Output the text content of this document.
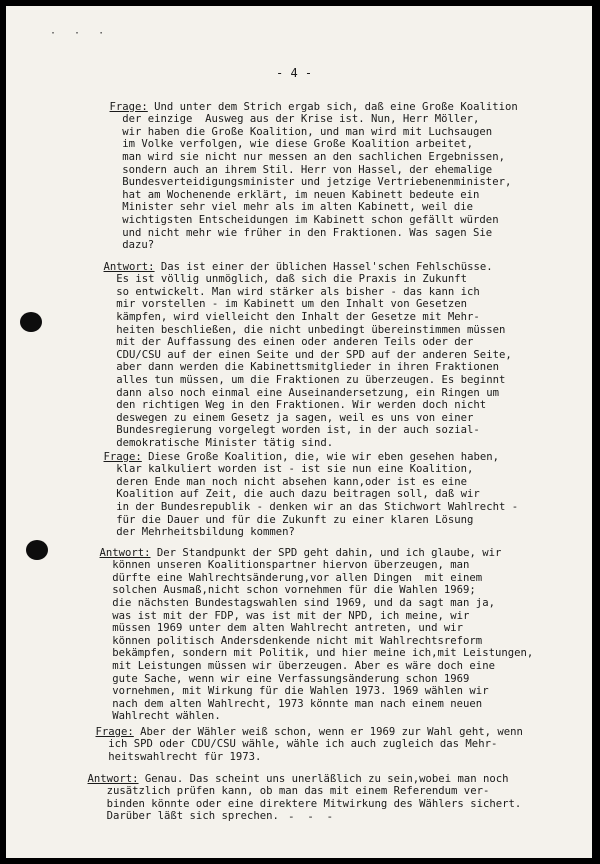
· · ·
- 4 -

Frage: Und unter dem Strich ergab sich, daß eine Große Koalition
der einzige  Ausweg aus der Krise ist. Nun, Herr Möller,
wir haben die Große Koalition, und man wird mit Luchsaugen
im Volke verfolgen, wie diese Große Koalition arbeitet,
man wird sie nicht nur messen an den sachlichen Ergebnissen,
sondern auch an ihrem Stil. Herr von Hassel, der ehemalige
Bundesverteidigungsminister und jetzige Vertriebenenminister,
hat am Wochenende erklärt, im neuen Kabinett bedeute ein
Minister sehr viel mehr als im alten Kabinett, weil die
wichtigsten Entscheidungen im Kabinett schon gefällt würden
und nicht mehr wie früher in den Fraktionen. Was sagen Sie
dazu?

Antwort: Das ist einer der üblichen Hassel'schen Fehlschüsse.
Es ist völlig unmöglich, daß sich die Praxis in Zukunft
so entwickelt. Man wird stärker als bisher - das kann ich
mir vorstellen - im Kabinett um den Inhalt von Gesetzen
kämpfen, wird vielleicht den Inhalt der Gesetze mit Mehr-
heiten beschließen, die nicht unbedingt übereinstimmen müssen
mit der Auffassung des einen oder anderen Teils oder der
CDU/CSU auf der einen Seite und der SPD auf der anderen Seite,
aber dann werden die Kabinettsmitglieder in ihren Fraktionen
alles tun müssen, um die Fraktionen zu überzeugen. Es beginnt
dann also noch einmal eine Auseinandersetzung, ein Ringen um
den richtigen Weg in den Fraktionen. Wir werden doch nicht
deswegen zu einem Gesetz ja sagen, weil es uns von einer
Bundesregierung vorgelegt worden ist, in der auch sozial-
demokratische Minister tätig sind.

Frage: Diese Große Koalition, die, wie wir eben gesehen haben,
klar kalkuliert worden ist - ist sie nun eine Koalition,
deren Ende man noch nicht absehen kann,oder ist es eine
Koalition auf Zeit, die auch dazu beitragen soll, daß wir
in der Bundesrepublik - denken wir an das Stichwort Wahlrecht -
für die Dauer und für die Zukunft zu einer klaren Lösung
der Mehrheitsbildung kommen?

Antwort: Der Standpunkt der SPD geht dahin, und ich glaube, wir
können unseren Koalitionspartner hiervon überzeugen, man
dürfte eine Wahlrechtsänderung,vor allen Dingen  mit einem
solchen Ausmaß,nicht schon vornehmen für die Wahlen 1969;
die nächsten Bundestagswahlen sind 1969, und da sagt man ja,
was ist mit der FDP, was ist mit der NPD, ich meine, wir
müssen 1969 unter dem alten Wahlrecht antreten, und wir
können politisch Andersdenkende nicht mit Wahlrechtsreform
bekämpfen, sondern mit Politik, und hier meine ich,mit Leistungen,
mit Leistungen müssen wir überzeugen. Aber es wäre doch eine
gute Sache, wenn wir eine Verfassungsänderung schon 1969
vornehmen, mit Wirkung für die Wahlen 1973. 1969 wählen wir
nach dem alten Wahlrecht, 1973 könnte man nach einem neuen
Wahlrecht wählen.

Frage: Aber der Wähler weiß schon, wenn er 1969 zur Wahl geht, wenn
ich SPD oder CDU/CSU wähle, wähle ich auch zugleich das Mehr-
heitswahlrecht für 1973.

Antwort: Genau. Das scheint uns unerläßlich zu sein,wobei man noch
zusätzlich prüfen kann, ob man das mit einem Referendum ver-
binden könnte oder eine direktere Mitwirkung des Wählers sichert.
Darüber läßt sich sprechen. - - -
